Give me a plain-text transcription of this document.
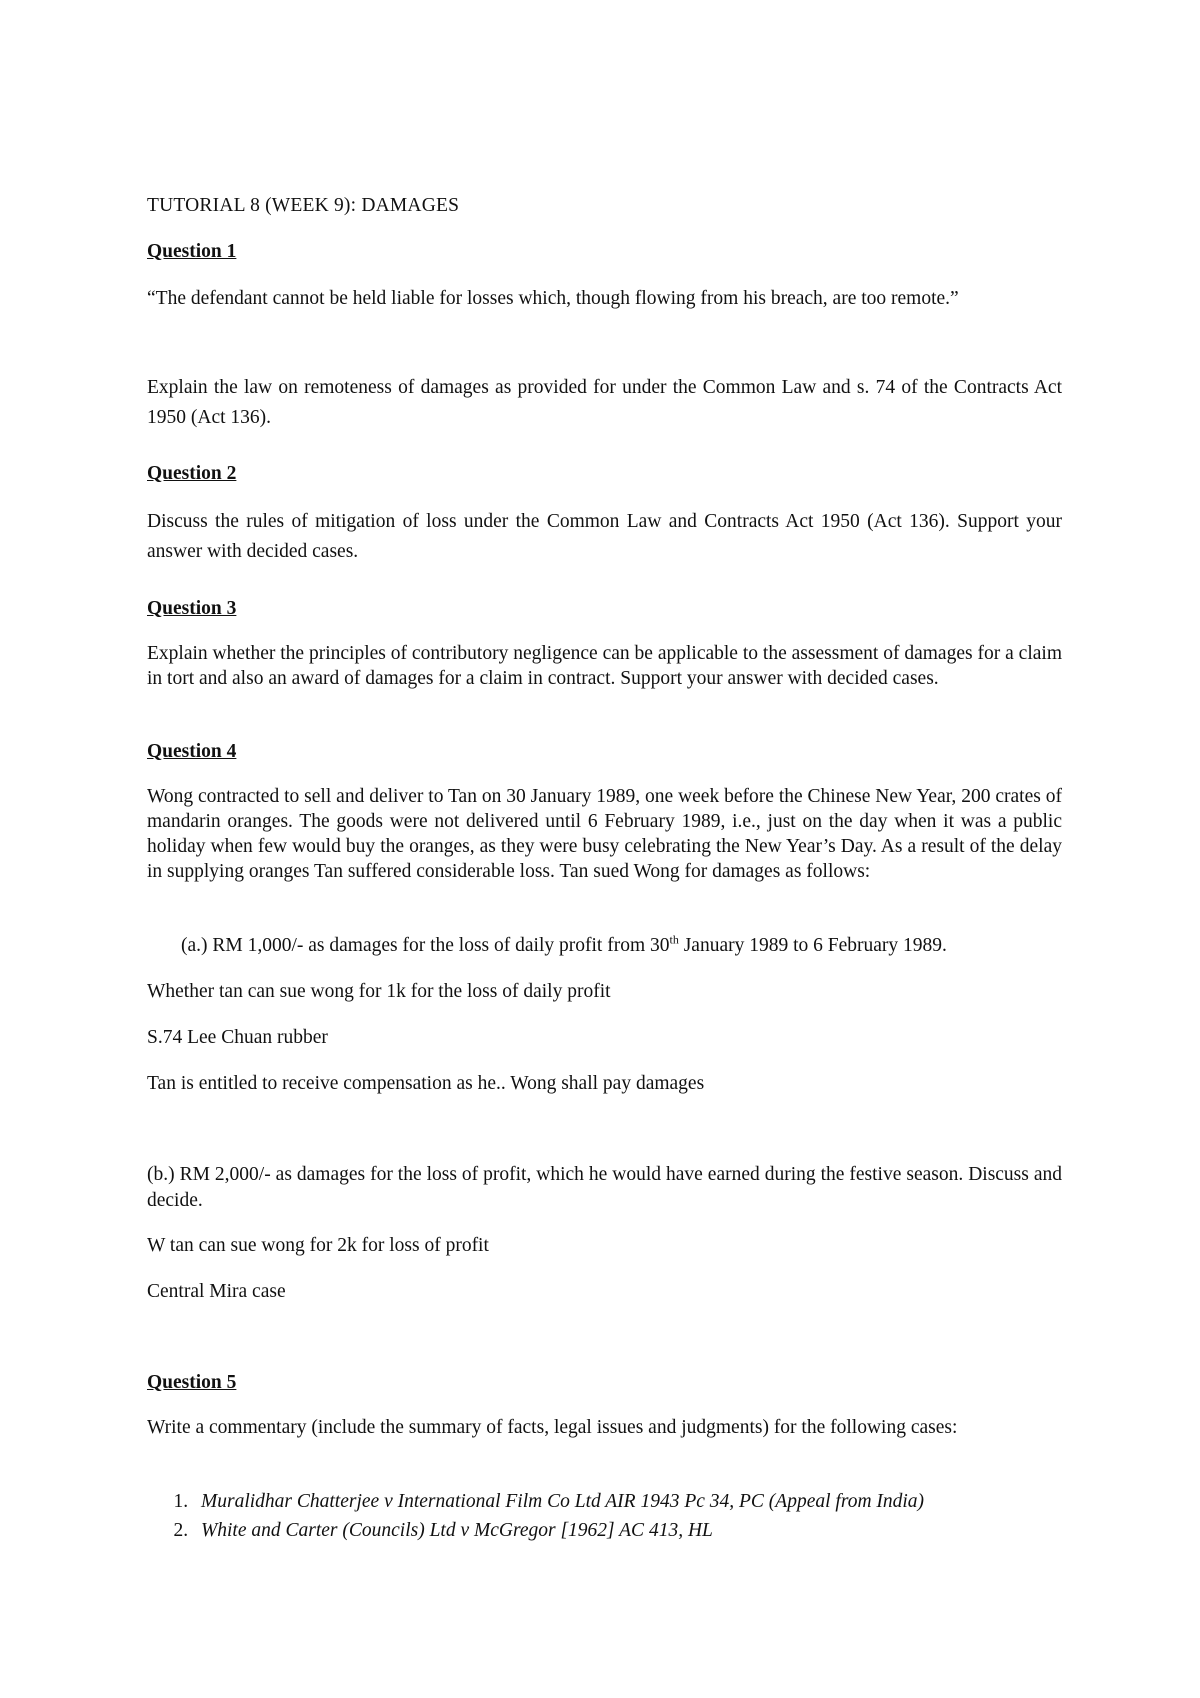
TUTORIAL 8 (WEEK 9): DAMAGES
Question 1

“The defendant cannot be held liable for losses which, though flowing from his breach, are too remote.”

Explain the law on remoteness of damages as provided for under the Common Law and s. 74 of the Contracts Act 1950 (Act 136).

Question 2

Discuss the rules of mitigation of loss under the Common Law and Contracts Act 1950 (Act 136). Support your answer with decided cases.

Question 3

Explain whether the principles of contributory negligence can be applicable to the assessment of damages for a claim in tort and also an award of damages for a claim in contract. Support your answer with decided cases.

Question 4

Wong contracted to sell and deliver to Tan on 30 January 1989, one week before the Chinese New Year, 200 crates of mandarin oranges. The goods were not delivered until 6 February 1989, i.e., just on the day when it was a public holiday when few would buy the oranges, as they were busy celebrating the New Year’s Day. As a result of the delay in supplying oranges Tan suffered considerable loss. Tan sued Wong for damages as follows:

(a.) RM 1,000/- as damages for the loss of daily profit from 30th January 1989 to 6 February 1989.

Whether tan can sue wong for 1k for the loss of daily profit

S.74 Lee Chuan rubber

Tan is entitled to receive compensation as he.. Wong shall pay damages

(b.) RM 2,000/- as damages for the loss of profit, which he would have earned during the festive season. Discuss and decide.

W tan can sue wong for 2k for loss of profit

Central Mira case

Question 5

Write a commentary (include the summary of facts, legal issues and judgments) for the following cases:

1. Muralidhar Chatterjee v International Film Co Ltd AIR 1943 Pc 34, PC (Appeal from India)
2. White and Carter (Councils) Ltd v McGregor [1962] AC 413, HL
